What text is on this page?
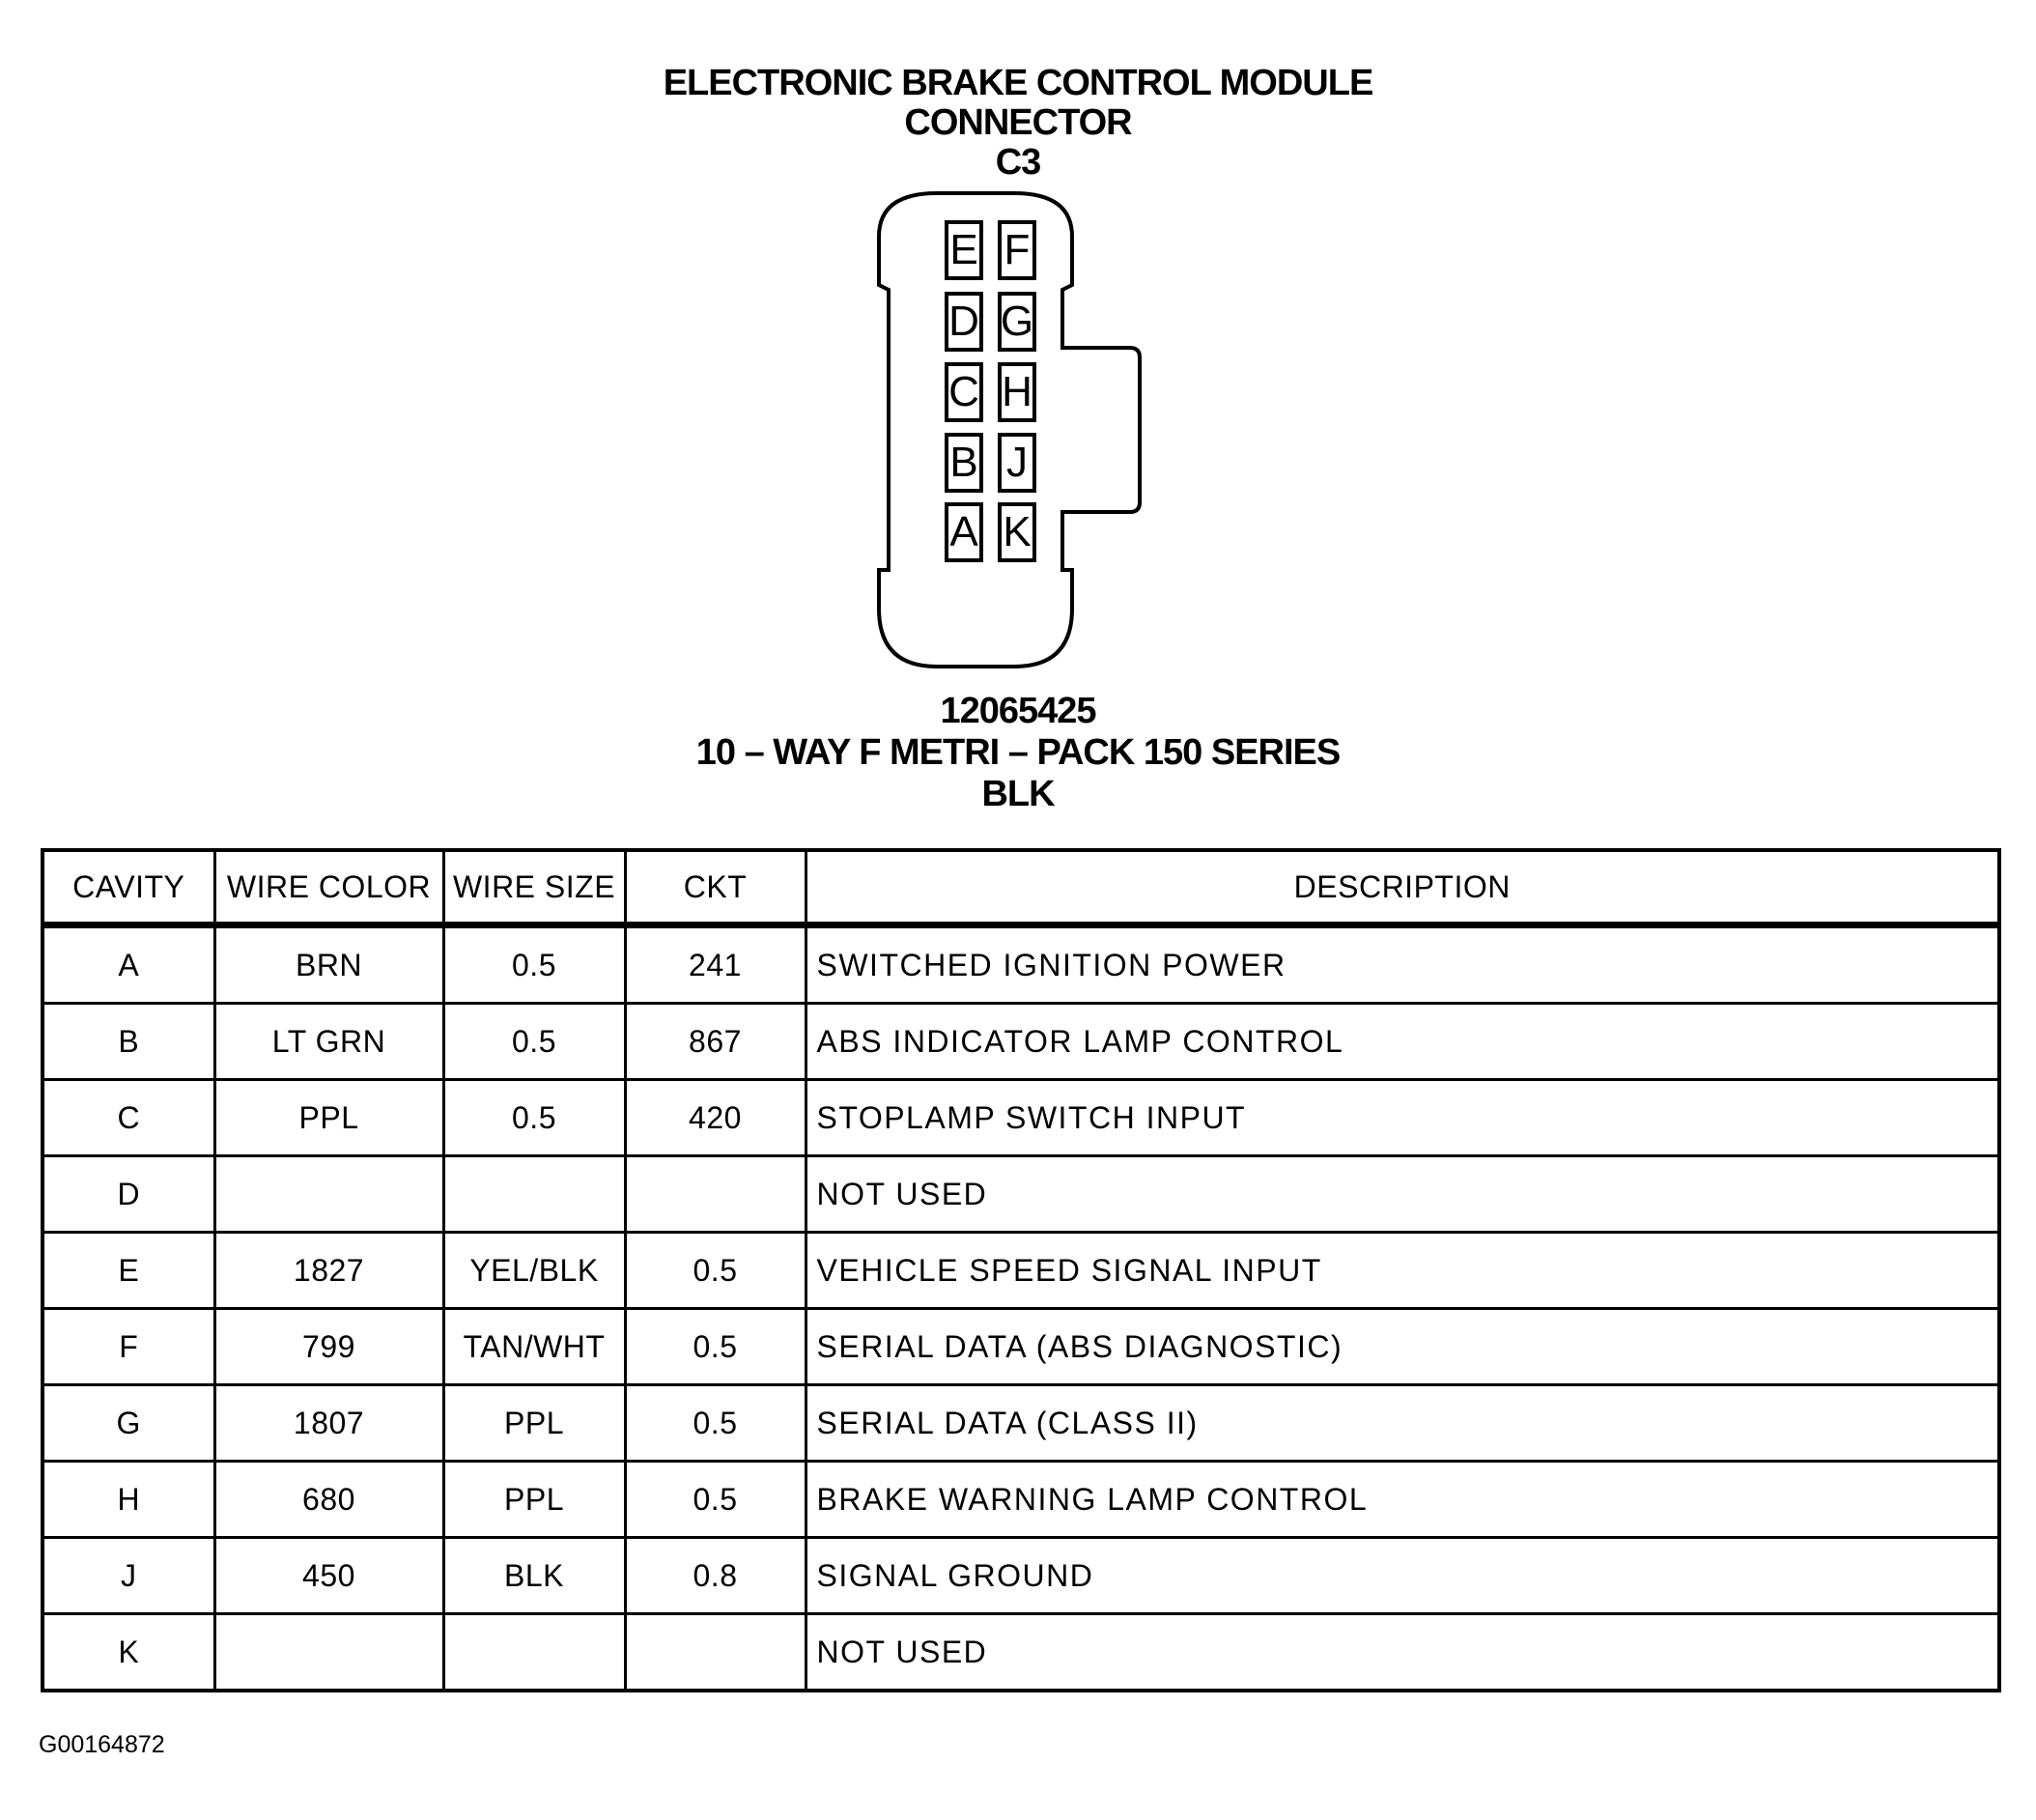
ELECTRONIC BRAKE CONTROL MODULE
CONNECTOR
C3
E
D
C
B
A
F
G
H
J
K
12065425
10 – WAY F METRI – PACK 150 SERIES
BLK
CAVITY	WIRE COLOR	WIRE SIZE	CKT	DESCRIPTION
A	BRN	0.5	241	SWITCHED IGNITION POWER
B	LT GRN	0.5	867	ABS INDICATOR LAMP CONTROL
C	PPL	0.5	420	STOPLAMP SWITCH INPUT
D				NOT USED
E	1827	YEL/BLK	0.5	VEHICLE SPEED SIGNAL INPUT
F	799	TAN/WHT	0.5	SERIAL DATA (ABS DIAGNOSTIC)
G	1807	PPL	0.5	SERIAL DATA (CLASS II)
H	680	PPL	0.5	BRAKE WARNING LAMP CONTROL
J	450	BLK	0.8	SIGNAL GROUND
K				NOT USED
G00164872
